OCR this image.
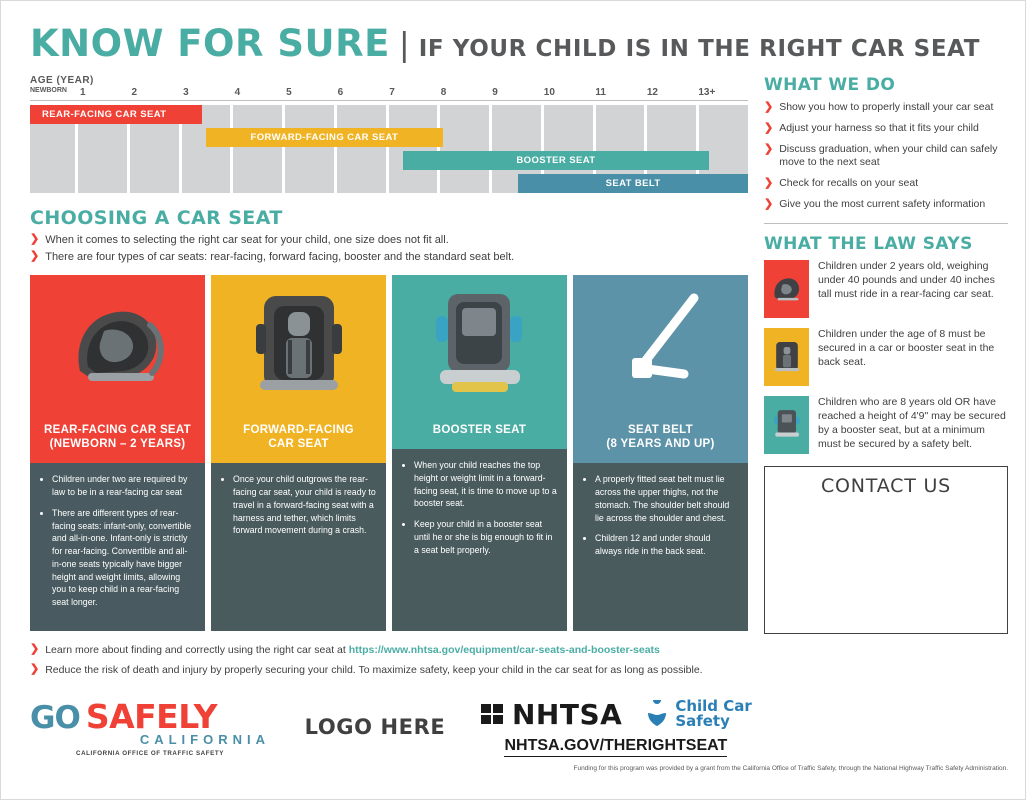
KNOW FOR SURE | IF YOUR CHILD IS IN THE RIGHT CAR SEAT
AGE (YEAR)
NEWBORN	1	2	3	4	5	6	7	8	9	10	11	12	13+
REAR-FACING CAR SEAT
FORWARD-FACING CAR SEAT
BOOSTER SEAT
SEAT BELT
CHOOSING A CAR SEAT
❯ When it comes to selecting the right car seat for your child, one size does not fit all.
❯ There are four types of car seats: rear-facing, forward facing, booster and the standard seat belt.
REAR-FACING CAR SEAT
(NEWBORN – 2 YEARS)
• Children under two are required by law to be in a rear-facing car seat
• There are different types of rear-facing seats: infant-only, convertible and all-in-one. Infant-only is strictly for rear-facing. Convertible and all-in-one seats typically have bigger height and weight limits, allowing you to keep child in a rear-facing seat longer.
FORWARD-FACING
CAR SEAT
• Once your child outgrows the rear-facing car seat, your child is ready to travel in a forward-facing seat with a harness and tether, which limits forward movement during a crash.
BOOSTER SEAT
• When your child reaches the top height or weight limit in a forward-facing seat, it is time to move up to a booster seat.
• Keep your child in a booster seat until he or she is big enough to fit in a seat belt properly.
SEAT BELT
(8 YEARS AND UP)
• A properly fitted seat belt must lie across the upper thighs, not the stomach. The shoulder belt should lie across the shoulder and chest.
• Children 12 and under should always ride in the back seat.
❯ Learn more about finding and correctly using the right car seat at https://www.nhtsa.gov/equipment/car-seats-and-booster-seats
❯ Reduce the risk of death and injury by properly securing your child. To maximize safety, keep your child in the car seat for as long as possible.
WHAT WE DO
❯ Show you how to properly install your car seat
❯ Adjust your harness so that it fits your child
❯ Discuss graduation, when your child can safely move to the next seat
❯ Check for recalls on your seat
❯ Give you the most current safety information
WHAT THE LAW SAYS
Children under 2 years old, weighing under 40 pounds and under 40 inches tall must ride in a rear-facing car seat.
Children under the age of 8 must be secured in a car or booster seat in the back seat.
Children who are 8 years old OR have reached a height of 4'9" may be secured by a booster seat, but at a minimum must be secured by a safety belt.
CONTACT US
GO SAFELY
CALIFORNIA
CALIFORNIA OFFICE OF TRAFFIC SAFETY
LOGO HERE	NHTSA	Child Car
Safety
NHTSA.GOV/THERIGHTSEAT
Funding for this program was provided by a grant from the California Office of Traffic Safety, through the National Highway Traffic Safety Administration.
